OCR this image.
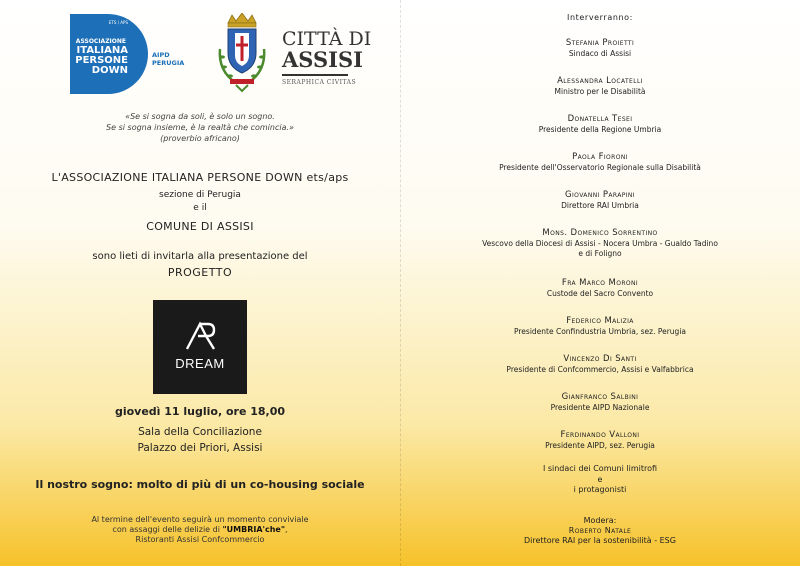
ETS / APS
ASSOCIAZIONE
ITALIANA
PERSONE
DOWN
AIPD
PERUGIA
CITTÀ DI
ASSISI
SERAPHICA CIVITAS
«Se si sogna da soli, è solo un sogno.
Se si sogna insieme, è la realtà che comincia.»
(proverbio africano)
L'ASSOCIAZIONE ITALIANA PERSONE DOWN ets/aps
sezione di Perugia
e il
COMUNE DI ASSISI
sono lieti di invitarla alla presentazione del
PROGETTO
DREAM
giovedì 11 luglio, ore 18,00
Sala della Conciliazione
Palazzo dei Priori, Assisi
Il nostro sogno: molto di più di un co-housing sociale
Al termine dell'evento seguirà un momento conviviale
con assaggi delle delizie di "UMBRIA'che",
Ristoranti Assisi Confcommercio
Interverranno:
Stefania Proietti
Sindaco di Assisi
Alessandra Locatelli
Ministro per le Disabilità
Donatella Tesei
Presidente della Regione Umbria
Paola Fioroni
Presidente dell'Osservatorio Regionale sulla Disabilità
Giovanni Parapini
Direttore RAI Umbria
Mons. Domenico Sorrentino
Vescovo della Diocesi di Assisi - Nocera Umbra - Gualdo Tadino
e di Foligno
Fra Marco Moroni
Custode del Sacro Convento
Federico Malizia
Presidente Confindustria Umbria, sez. Perugia
Vincenzo Di Santi
Presidente di Confcommercio, Assisi e Valfabbrica
Gianfranco Salbini
Presidente AIPD Nazionale
Ferdinando Valloni
Presidente AIPD, sez. Perugia
I sindaci dei Comuni limitrofi
e
i protagonisti
Modera:
Roberto Natale
Direttore RAI per la sostenibilità - ESG
